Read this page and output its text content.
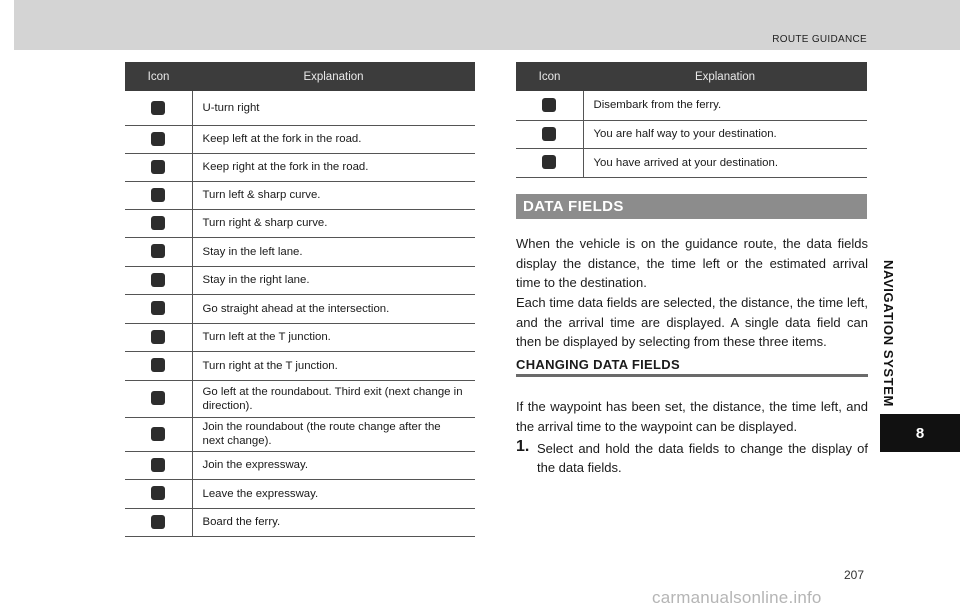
ROUTE GUIDANCE
NAVIGATION SYSTEM
8
Icon	Explanation
	U-turn right
	Keep left at the fork in the road.
	Keep right at the fork in the road.
	Turn left & sharp curve.
	Turn right & sharp curve.
	Stay in the left lane.
	Stay in the right lane.
	Go straight ahead at the intersection.
	Turn left at the T junction.
	Turn right at the T junction.
	Go left at the roundabout. Third exit (next change in direction).
	Join the roundabout (the route change after the next change).
	Join the expressway.
	Leave the expressway.
	Board the ferry.
Icon	Explanation
	Disembark from the ferry.
	You are half way to your destination.
	You have arrived at your destination.
DATA FIELDS

When the vehicle is on the guidance route, the data fields display the distance, the time left or the estimated arrival time to the destination.

Each time data fields are selected, the distance, the time left, and the arrival time are displayed. A single data field can then be displayed by selecting from these three items.

CHANGING DATA FIELDS

If the waypoint has been set, the distance, the time left, and the arrival time to the waypoint can be displayed.

1. Select and hold the data fields to change the display of the data fields.
207
carmanualsonline.info
